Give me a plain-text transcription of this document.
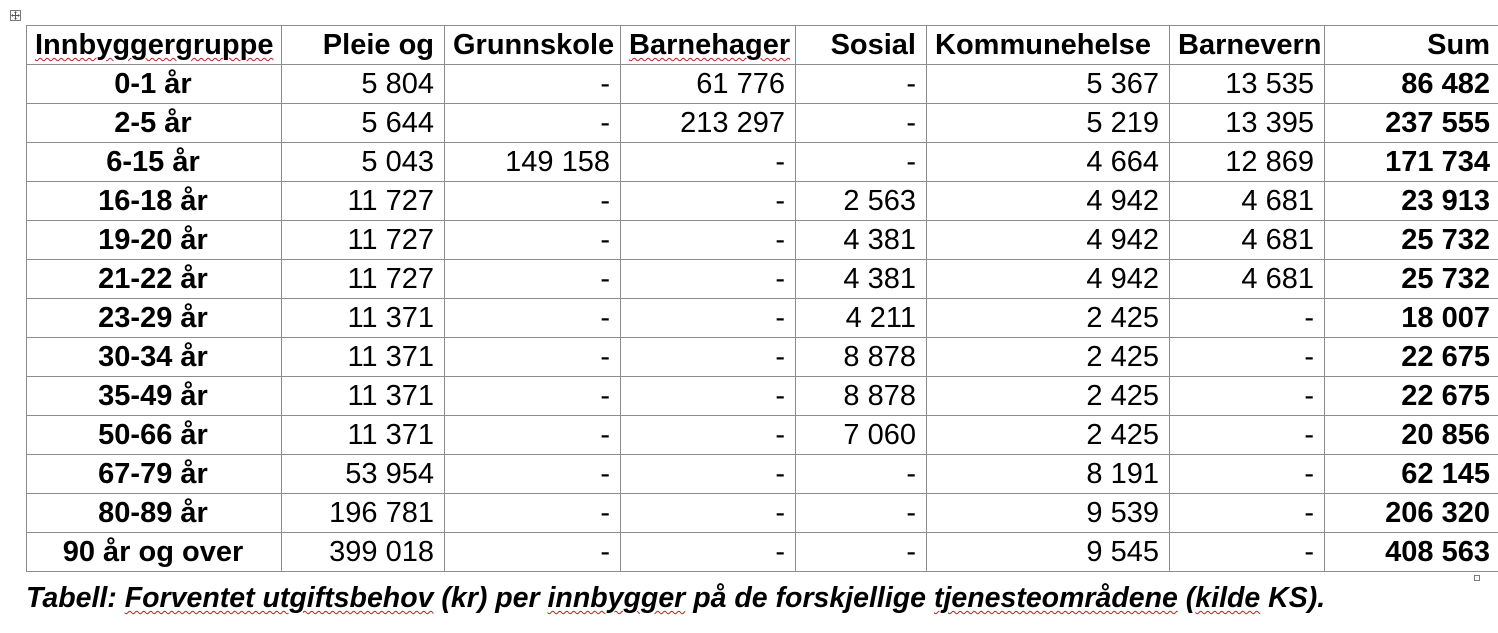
Innbyggergruppe	Pleie og	Grunnskole	Barnehager	Sosial	Kommunehelse	Barnevern	Sum
0-1 år	5 804	-	61 776	-	5 367	13 535	86 482
2-5 år	5 644	-	213 297	-	5 219	13 395	237 555
6-15 år	5 043	149 158	-	-	4 664	12 869	171 734
16-18 år	11 727	-	-	2 563	4 942	4 681	23 913
19-20 år	11 727	-	-	4 381	4 942	4 681	25 732
21-22 år	11 727	-	-	4 381	4 942	4 681	25 732
23-29 år	11 371	-	-	4 211	2 425	-	18 007
30-34 år	11 371	-	-	8 878	2 425	-	22 675
35-49 år	11 371	-	-	8 878	2 425	-	22 675
50-66 år	11 371	-	-	7 060	2 425	-	20 856
67-79 år	53 954	-	-	-	8 191	-	62 145
80-89 år	196 781	-	-	-	9 539	-	206 320
90 år og over	399 018	-	-	-	9 545	-	408 563
Tabell: Forventet utgiftsbehov (kr) per innbygger på de forskjellige tjenesteområdene (kilde KS).
